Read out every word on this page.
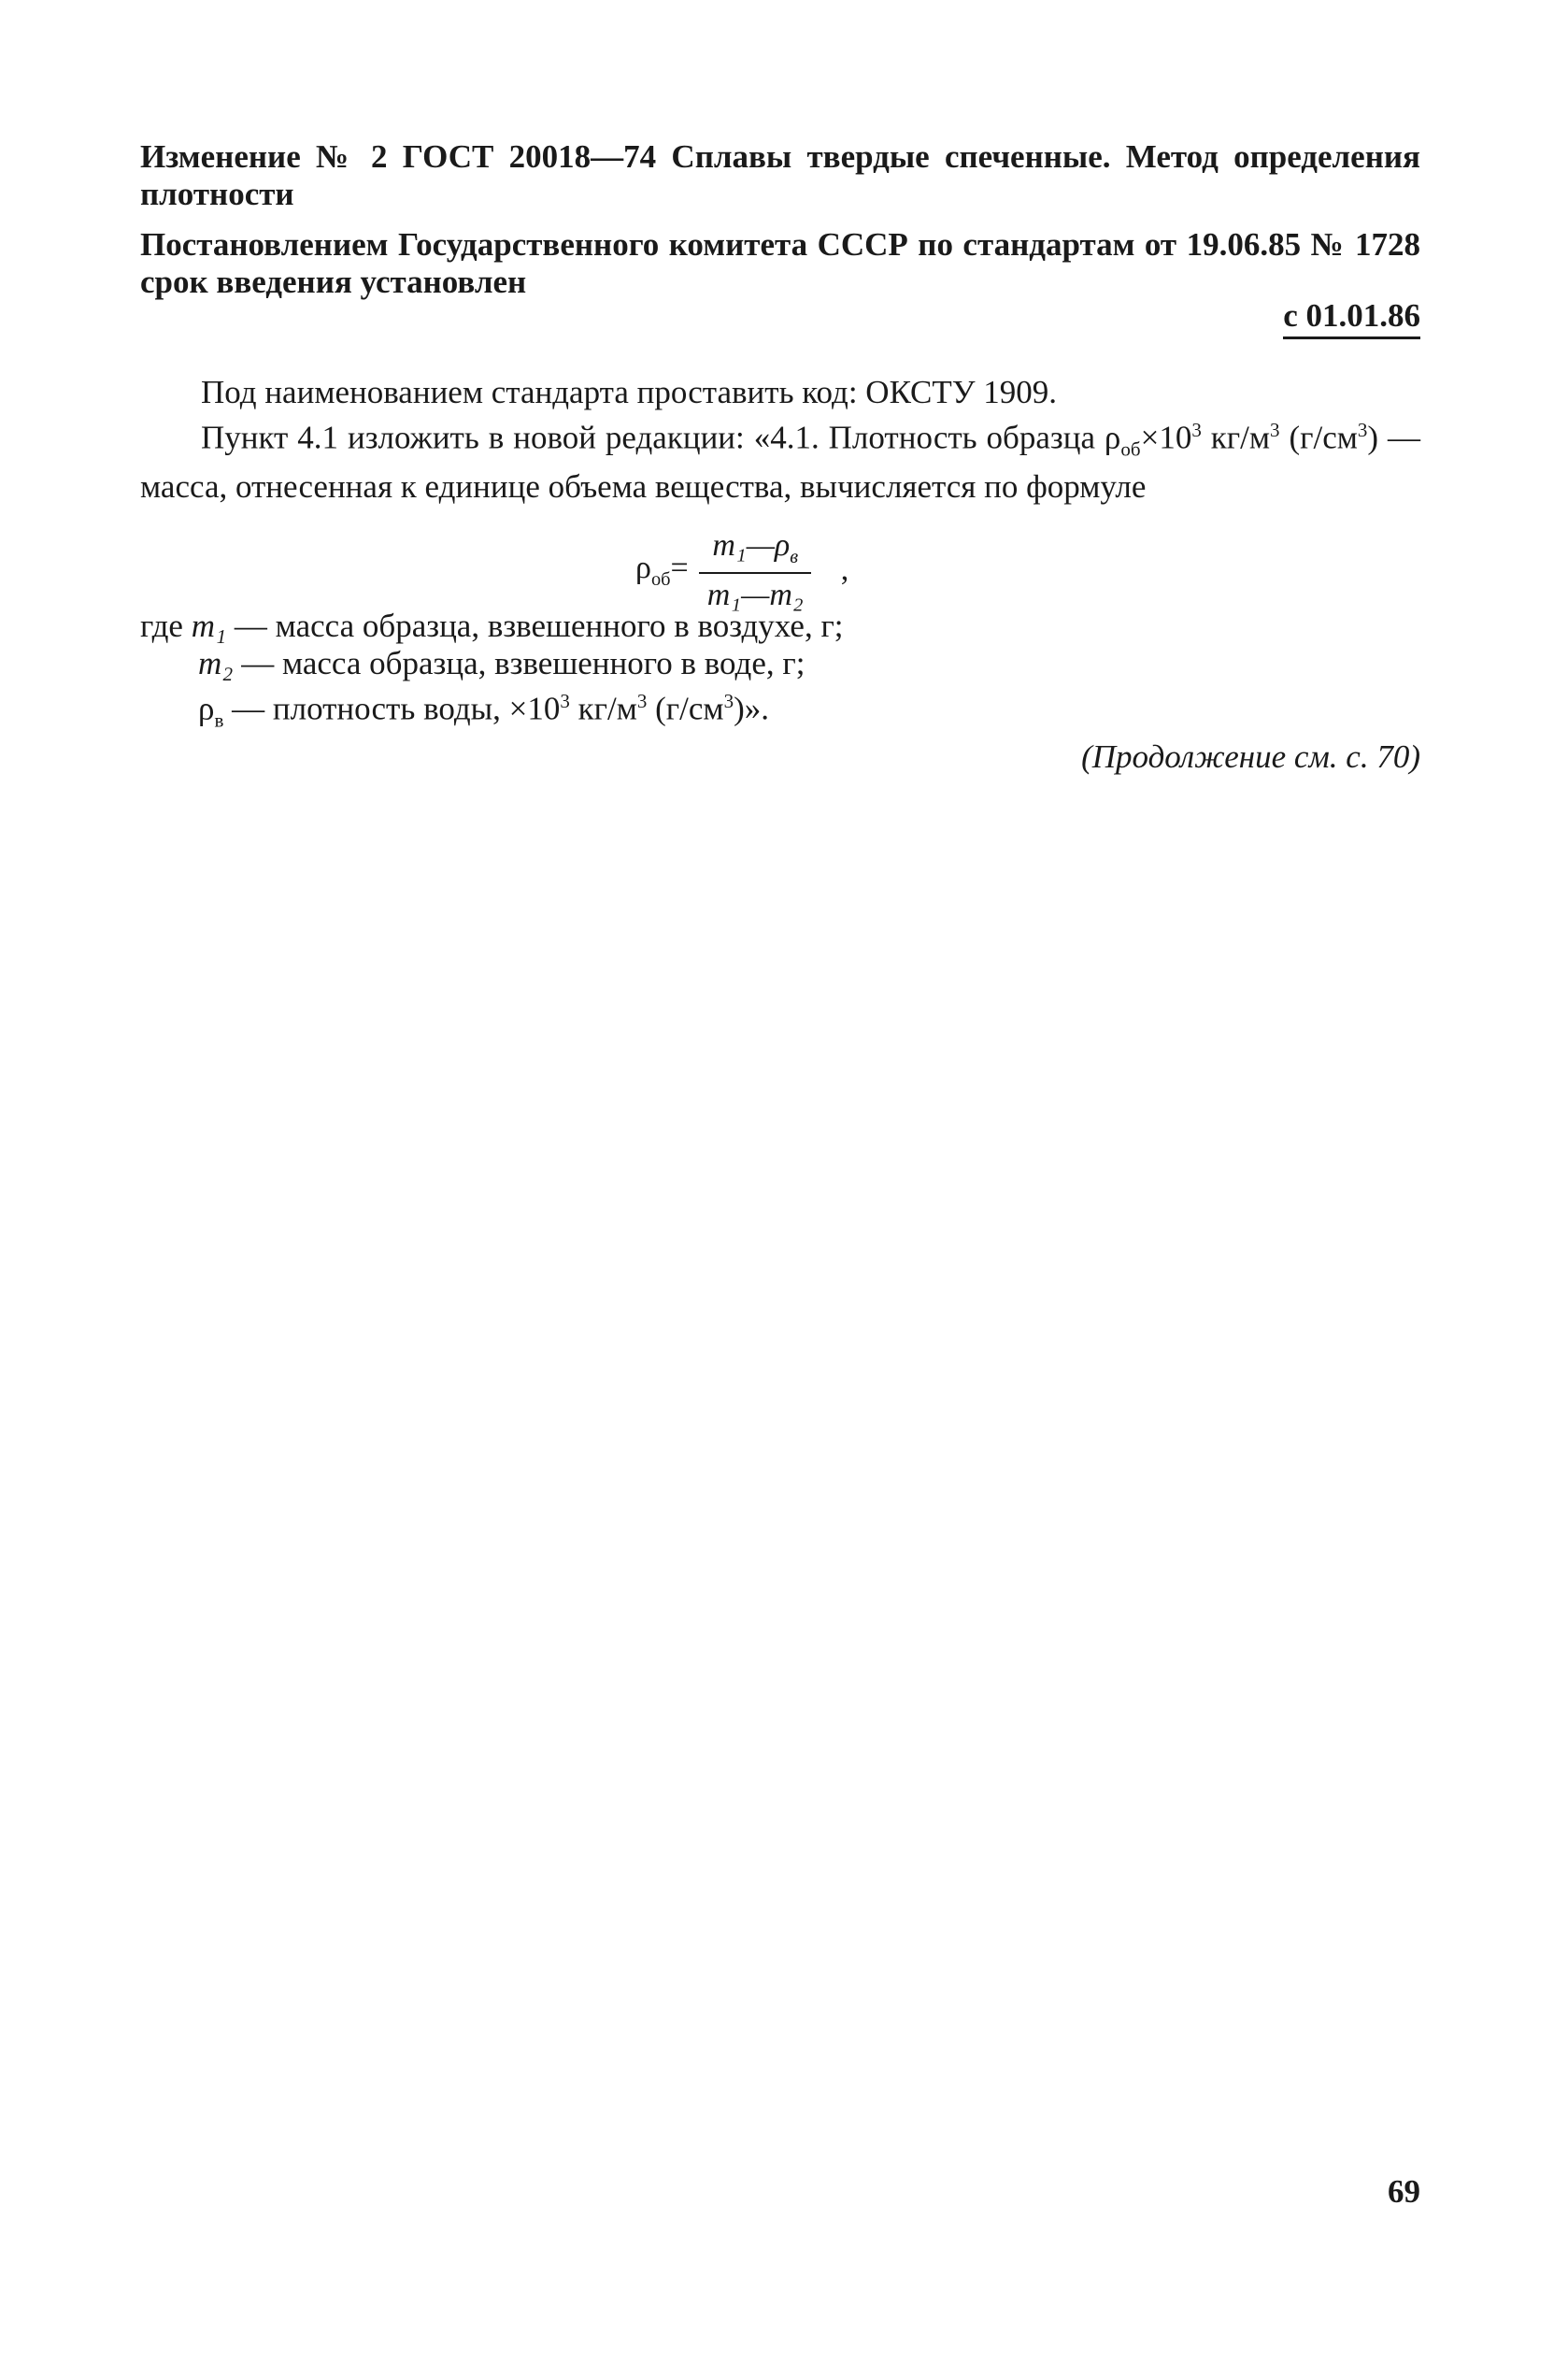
Изменение № 2 ГОСТ 20018—74 Сплавы твердые спеченные. Метод определения плотности
Постановлением Государственного комитета СССР по стандартам от 19.06.85 № 1728 срок введения установлен
с 01.01.86
Под наименованием стандарта проставить код: ОКСТУ 1909.
Пункт 4.1 изложить в новой редакции: «4.1. Плотность образца $\rho_{об}\times 10^3$ $кг/м^3$ $(г/см^3)$ — масса, отнесенная к единице объема вещества, вычисляется по формуле
$\rho_{об}= \frac{m_1—\rho_в}{\text{m₁—m₂}}$ ,
где m₁ — масса образца, взвешенного в воздухе, г;
m₂ — масса образца, взвешенного в воде, г;
$\rho_в$ — плотность воды, $\times 10^3$ $кг/м^3$ $(г/см^3)$».
(Продолжение см. с. 70)
69
